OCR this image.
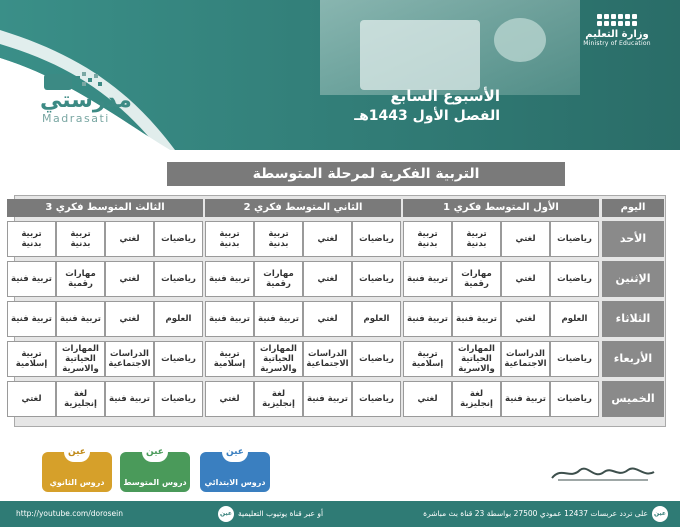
وزارة التعليم
Ministry of Education
الأسبوع السابع
الفصل الأول 1443هـ
مدرستي
Madrasati
التربية الفكرية لمرحلة المتوسطة
اليوم
الأول المتوسط فكري 1
الثاني المتوسط فكري 2
الثالث المتوسط فكري 3
الأحد
رياضيات
لغتي
تربية بدنية
تربية بدنية
رياضيات
لغتي
تربية بدنية
تربية بدنية
رياضيات
لغتي
تربية بدنية
تربية بدنية
الإثنين
رياضيات
لغتي
مهارات
رقمية
تربية فنية
رياضيات
لغتي
مهارات
رقمية
تربية فنية
رياضيات
لغتي
مهارات
رقمية
تربية فنية
الثلاثاء
العلوم
لغتي
تربية فنية
تربية فنية
العلوم
لغتي
تربية فنية
تربية فنية
العلوم
لغتي
تربية فنية
تربية فنية
الأربعاء
رياضيات
الدراسات
الاجتماعية
المهارات
الحياتية
والاسرية
تربية
إسلامية
رياضيات
الدراسات
الاجتماعية
المهارات
الحياتية
والاسرية
تربية
إسلامية
رياضيات
الدراسات
الاجتماعية
المهارات
الحياتية
والاسرية
تربية
إسلامية
الخميس
رياضيات
تربية فنية
لغة
إنجليزية
لغتي
رياضيات
تربية فنية
لغة
إنجليزية
لغتي
رياضيات
تربية فنية
لغة
إنجليزية
لغتي
عين
دروس الابتدائي
عين
دروس المتوسط
عين
دروس الثانوي
عين
على تردد عربسات 12437 عمودي 27500 بواسطة 23 قناة بث مباشرة
عين أو عبر قناة يوتيوب التعليمية
http://youtube.com/dorosein
